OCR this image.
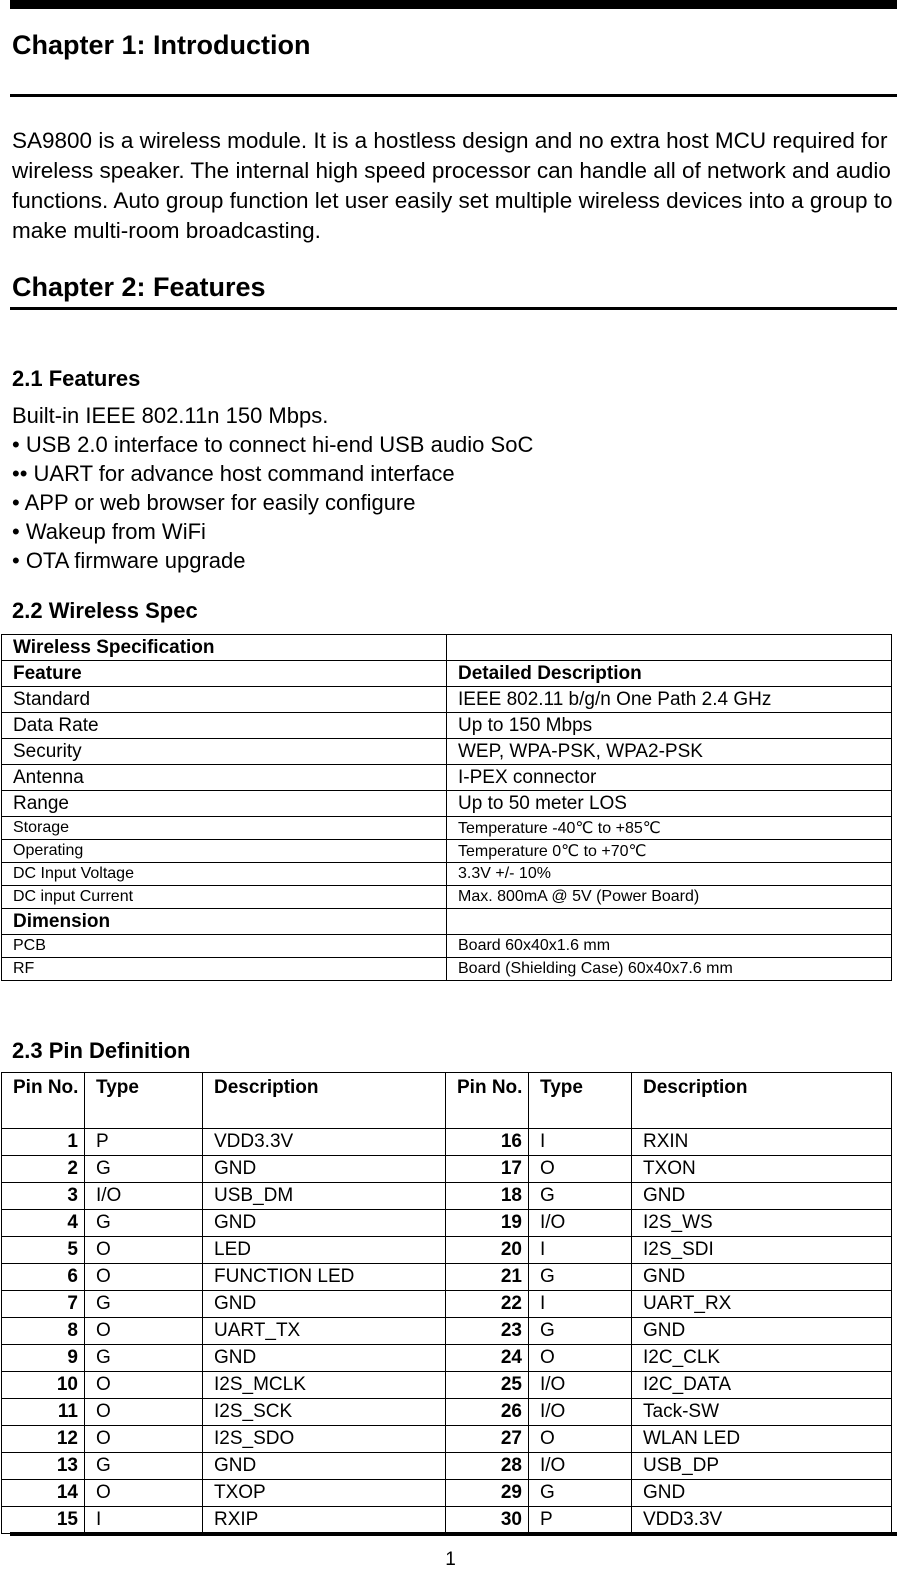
Chapter 1: Introduction
SA9800 is a wireless module. It is a hostless design and no extra host MCU required for wireless speaker. The internal high speed processor can handle all of network and audio functions. Auto group function let user easily set multiple wireless devices into a group to make multi-room broadcasting.
Chapter 2: Features
2.1 Features
Built-in IEEE 802.11n 150 Mbps.
• USB 2.0 interface to connect hi-end USB audio SoC
•• UART for advance host command interface
• APP or web browser for easily configure
• Wakeup from WiFi
• OTA firmware upgrade
2.2 Wireless Spec
Wireless Specification	
Feature	Detailed Description
Standard	IEEE 802.11 b/g/n One Path 2.4 GHz
Data Rate	Up to 150 Mbps
Security	WEP, WPA-PSK, WPA2-PSK
Antenna	I-PEX connector
Range	Up to 50 meter LOS
Storage	Temperature -40℃ to +85℃
Operating	Temperature 0℃ to +70℃
DC Input Voltage	3.3V +/- 10%
DC input Current	Max. 800mA @ 5V (Power Board)
Dimension	
PCB	Board 60x40x1.6 mm
RF	Board (Shielding Case) 60x40x7.6 mm
2.3 Pin Definition
Pin No.	Type	Description	Pin No.	Type	Description
1	P	VDD3.3V	16	I	RXIN
2	G	GND	17	O	TXON
3	I/O	USB_DM	18	G	GND
4	G	GND	19	I/O	I2S_WS
5	O	LED	20	I	I2S_SDI
6	O	FUNCTION LED	21	G	GND
7	G	GND	22	I	UART_RX
8	O	UART_TX	23	G	GND
9	G	GND	24	O	I2C_CLK
10	O	I2S_MCLK	25	I/O	I2C_DATA
11	O	I2S_SCK	26	I/O	Tack-SW
12	O	I2S_SDO	27	O	WLAN LED
13	G	GND	28	I/O	USB_DP
14	O	TXOP	29	G	GND
15	I	RXIP	30	P	VDD3.3V
1
